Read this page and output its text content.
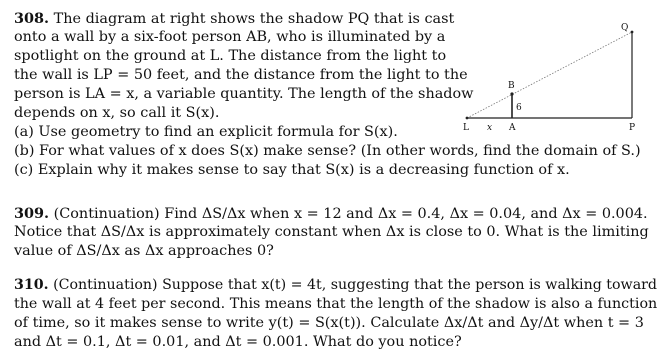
308. The diagram at right shows the shadow PQ that is cast
onto a wall by a six-foot person AB, who is illuminated by a
spotlight on the ground at L. The distance from the light to
the wall is LP = 50 feet, and the distance from the light to the
person is LA = x, a variable quantity. The length of the shadow
depends on x, so call it S(x).
(a) Use geometry to find an explicit formula for S(x).
(b) For what values of x does S(x) make sense? (In other words, find the domain of S.)
(c) Explain why it makes sense to say that S(x) is a decreasing function of x.
Q
B
6
L x A	P
309. (Continuation) Find ΔS/Δx when x = 12 and Δx = 0.4, Δx = 0.04, and Δx = 0.004.
Notice that ΔS/Δx is approximately constant when Δx is close to 0. What is the limiting
value of ΔS/Δx as Δx approaches 0?
310. (Continuation) Suppose that x(t) = 4t, suggesting that the person is walking toward
the wall at 4 feet per second. This means that the length of the shadow is also a function
of time, so it makes sense to write y(t) = S(x(t)). Calculate Δx/Δt and Δy/Δt when t = 3
and Δt = 0.1, Δt = 0.01, and Δt = 0.001. What do you notice?
